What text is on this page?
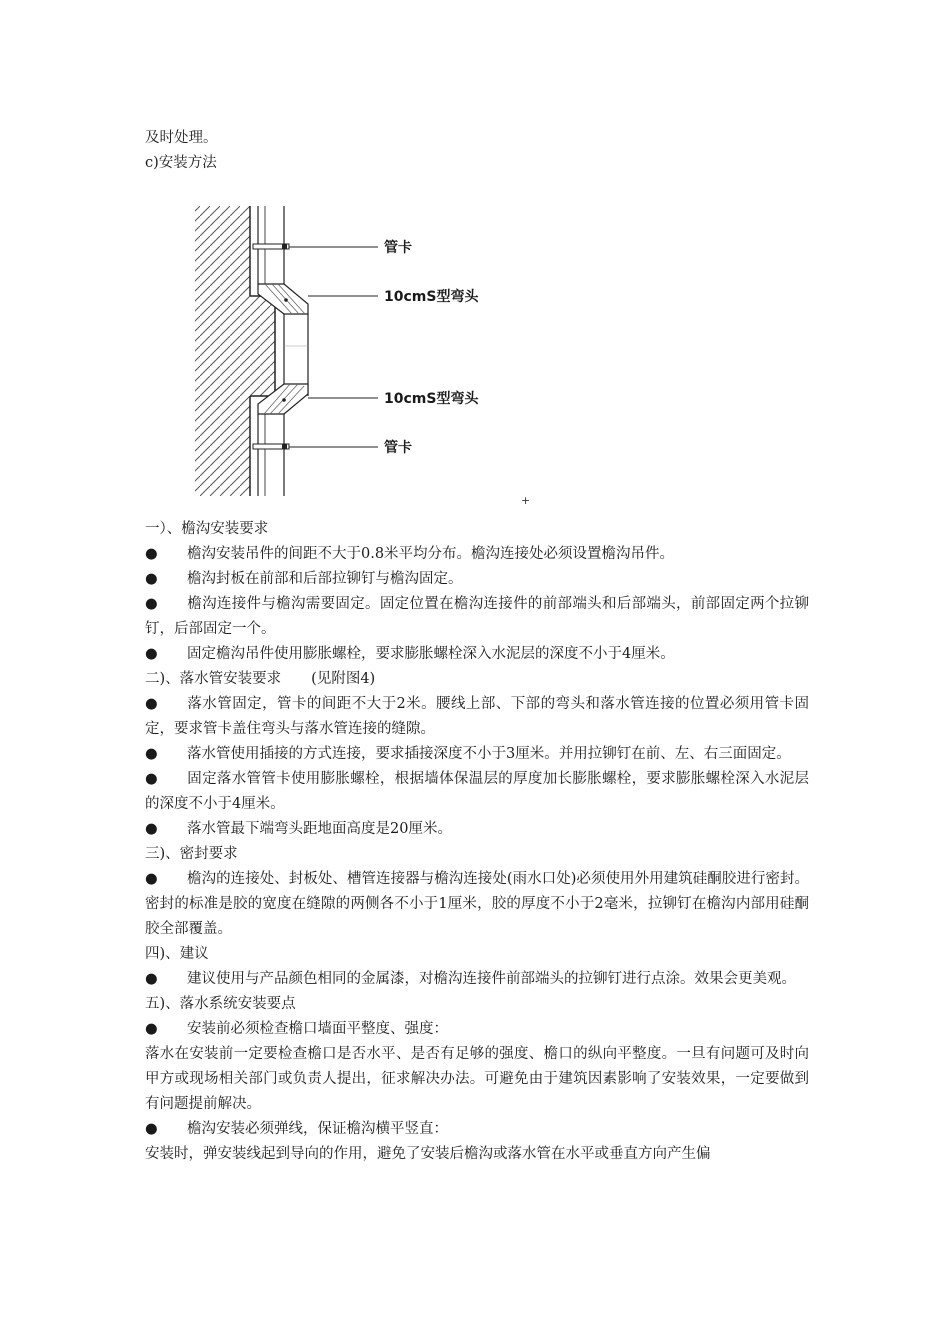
及时处理。
c)安装方法
管卡
10cmS型弯头
10cmS型弯头
管卡
+
一）、檐沟安装要求
● 檐沟安装吊件的间距不大于0.8米平均分布。檐沟连接处必须设置檐沟吊件。
● 檐沟封板在前部和后部拉铆钉与檐沟固定。
● 檐沟连接件与檐沟需要固定。固定位置在檐沟连接件的前部端头和后部端头，前部固定两个拉铆钉，后部固定一个。
● 固定檐沟吊件使用膨胀螺栓，要求膨胀螺栓深入水泥层的深度不小于4厘米。
二)、落水管安装要求 (见附图4)
● 落水管固定，管卡的间距不大于2米。腰线上部、下部的弯头和落水管连接的位置必须用管卡固定，要求管卡盖住弯头与落水管连接的缝隙。
● 落水管使用插接的方式连接，要求插接深度不小于3厘米。并用拉铆钉在前、左、右三面固定。
● 固定落水管管卡使用膨胀螺栓，根据墙体保温层的厚度加长膨胀螺栓，要求膨胀螺栓深入水泥层的深度不小于4厘米。
● 落水管最下端弯头距地面高度是20厘米。
三)、密封要求
● 檐沟的连接处、封板处、槽管连接器与檐沟连接处(雨水口处)必须使用外用建筑硅酮胶进行密封。密封的标准是胶的宽度在缝隙的两侧各不小于1厘米，胶的厚度不小于2毫米，拉铆钉在檐沟内部用硅酮胶全部覆盖。
四)、建议
● 建议使用与产品颜色相同的金属漆，对檐沟连接件前部端头的拉铆钉进行点涂。效果会更美观。
五)、落水系统安装要点
● 安装前必须检查檐口墙面平整度、强度：
落水在安装前一定要检查檐口是否水平、是否有足够的强度、檐口的纵向平整度。一旦有问题可及时向甲方或现场相关部门或负责人提出，征求解决办法。可避免由于建筑因素影响了安装效果，一定要做到有问题提前解决。
● 檐沟安装必须弹线，保证檐沟横平竖直：
安装时，弹安装线起到导向的作用，避免了安装后檐沟或落水管在水平或垂直方向产生偏
